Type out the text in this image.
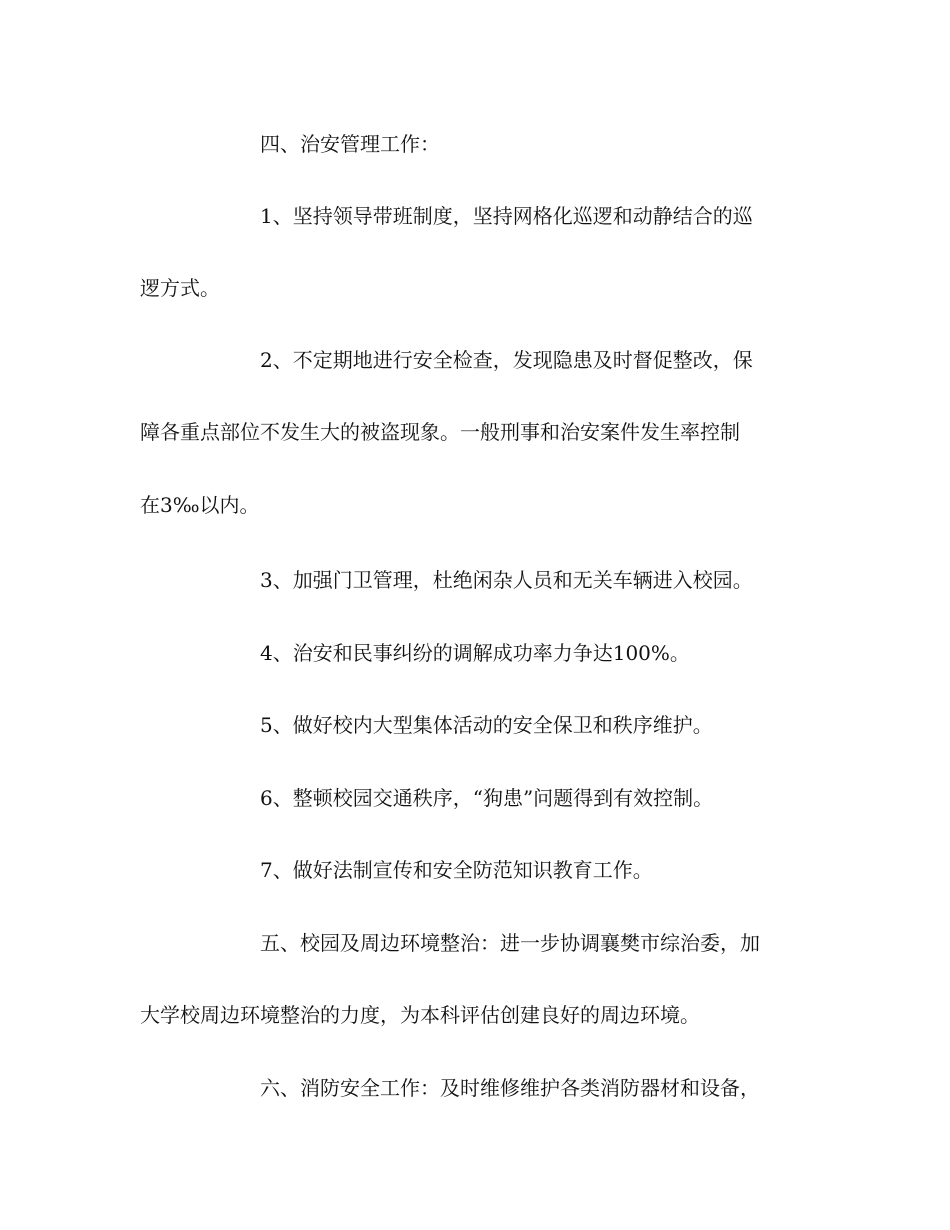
四、治安管理工作：
1、坚持领导带班制度，坚持网格化巡逻和动静结合的巡
逻方式。
2、不定期地进行安全检查，发现隐患及时督促整改，保
障各重点部位不发生大的被盗现象。一般刑事和治安案件发生率控制
在3‰以内。
3、加强门卫管理，杜绝闲杂人员和无关车辆进入校园。
4、治安和民事纠纷的调解成功率力争达100%。
5、做好校内大型集体活动的安全保卫和秩序维护。
6、整顿校园交通秩序，“狗患”问题得到有效控制。
7、做好法制宣传和安全防范知识教育工作。
五、校园及周边环境整治：进一步协调襄樊市综治委，加
大学校周边环境整治的力度，为本科评估创建良好的周边环境。
六、消防安全工作：及时维修维护各类消防器材和设备，
